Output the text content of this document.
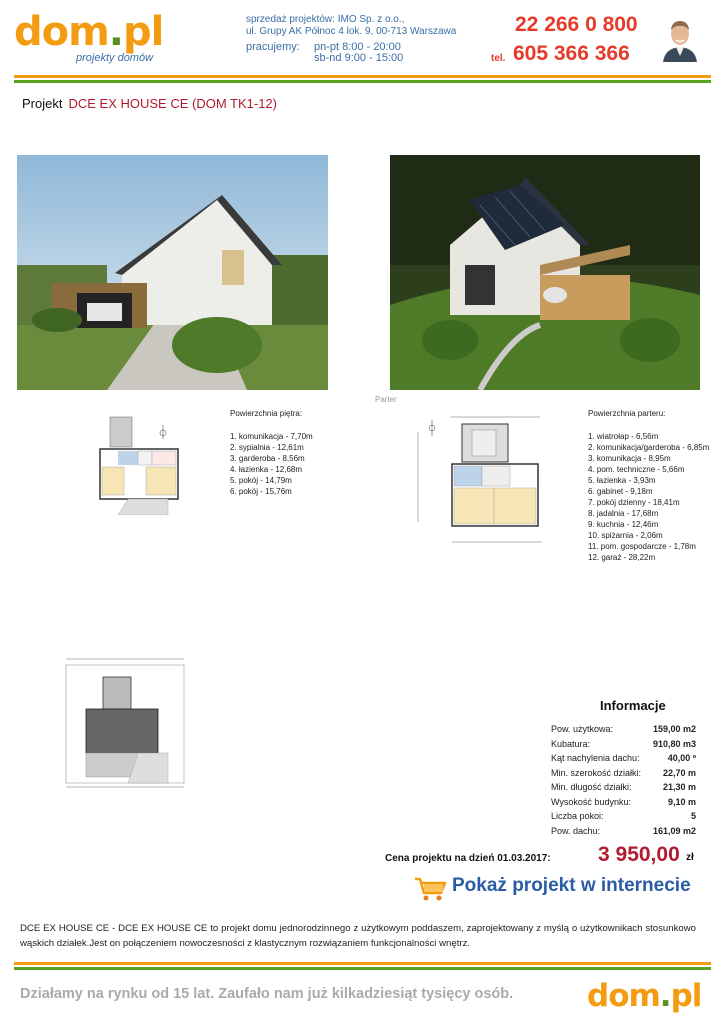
dom.pl
projekty domów
sprzedaż projektów: IMO Sp. z o.o.,
ul. Grupy AK Północ 4 lok. 9, 00-713 Warszawa
pracujemy: pn-pt 8:00 - 20:00
sb-nd 9:00 - 15:00
22 266 0 800
tel. 605 366 366
Projekt DCE EX HOUSE CE (DOM TK1-12)
Parter
Powierzchnia piętra:
1. komunikacja - 7,70m
2. sypialnia - 12,61m
3. garderoba - 8,56m
4. łazienka - 12,68m
5. pokój - 14,79m
6. pokój - 15,76m
Powierzchnia parteru:
1. wiatrołap - 6,56m
2. komunikacja/garderoba - 6,85m
3. komunikacja - 8,95m
4. pom. techniczne - 5,66m
5. łazienka - 3,93m
6. gabinet - 9,18m
7. pokój dzienny - 18,41m
8. jadalnia - 17,68m
9. kuchnia - 12,46m
10. spiżarnia - 2,06m
11. pom. gospodarcze - 1,78m
12. garaż - 28,22m
Informacje
Pow. użytkowa:	159,00 m2
Kubatura:	910,80 m3
Kąt nachylenia dachu:	40,00 º
Min. szerokość działki: 22,70 m
Min. długość działki:	21,30 m
Wysokość budynku:	9,10 m
Liczba pokoi:	5
Pow. dachu:	161,09 m2
Cena projektu na dzień 01.03.2017: 3 950,00 zł
Pokaż projekt w internecie
DCE EX HOUSE CE - DCE EX HOUSE CE to projekt domu jednorodzinnego z użytkowym poddaszem, zaprojektowany z myślą o użytkownikach stosunkowo wąskich działek.Jest on połączeniem nowoczesności z klastycznym rozwiązaniem funkcjonalności wnętrz.
Działamy na rynku od 15 lat. Zaufało nam już kilkadziesiąt tysięcy osób. dom.pl
